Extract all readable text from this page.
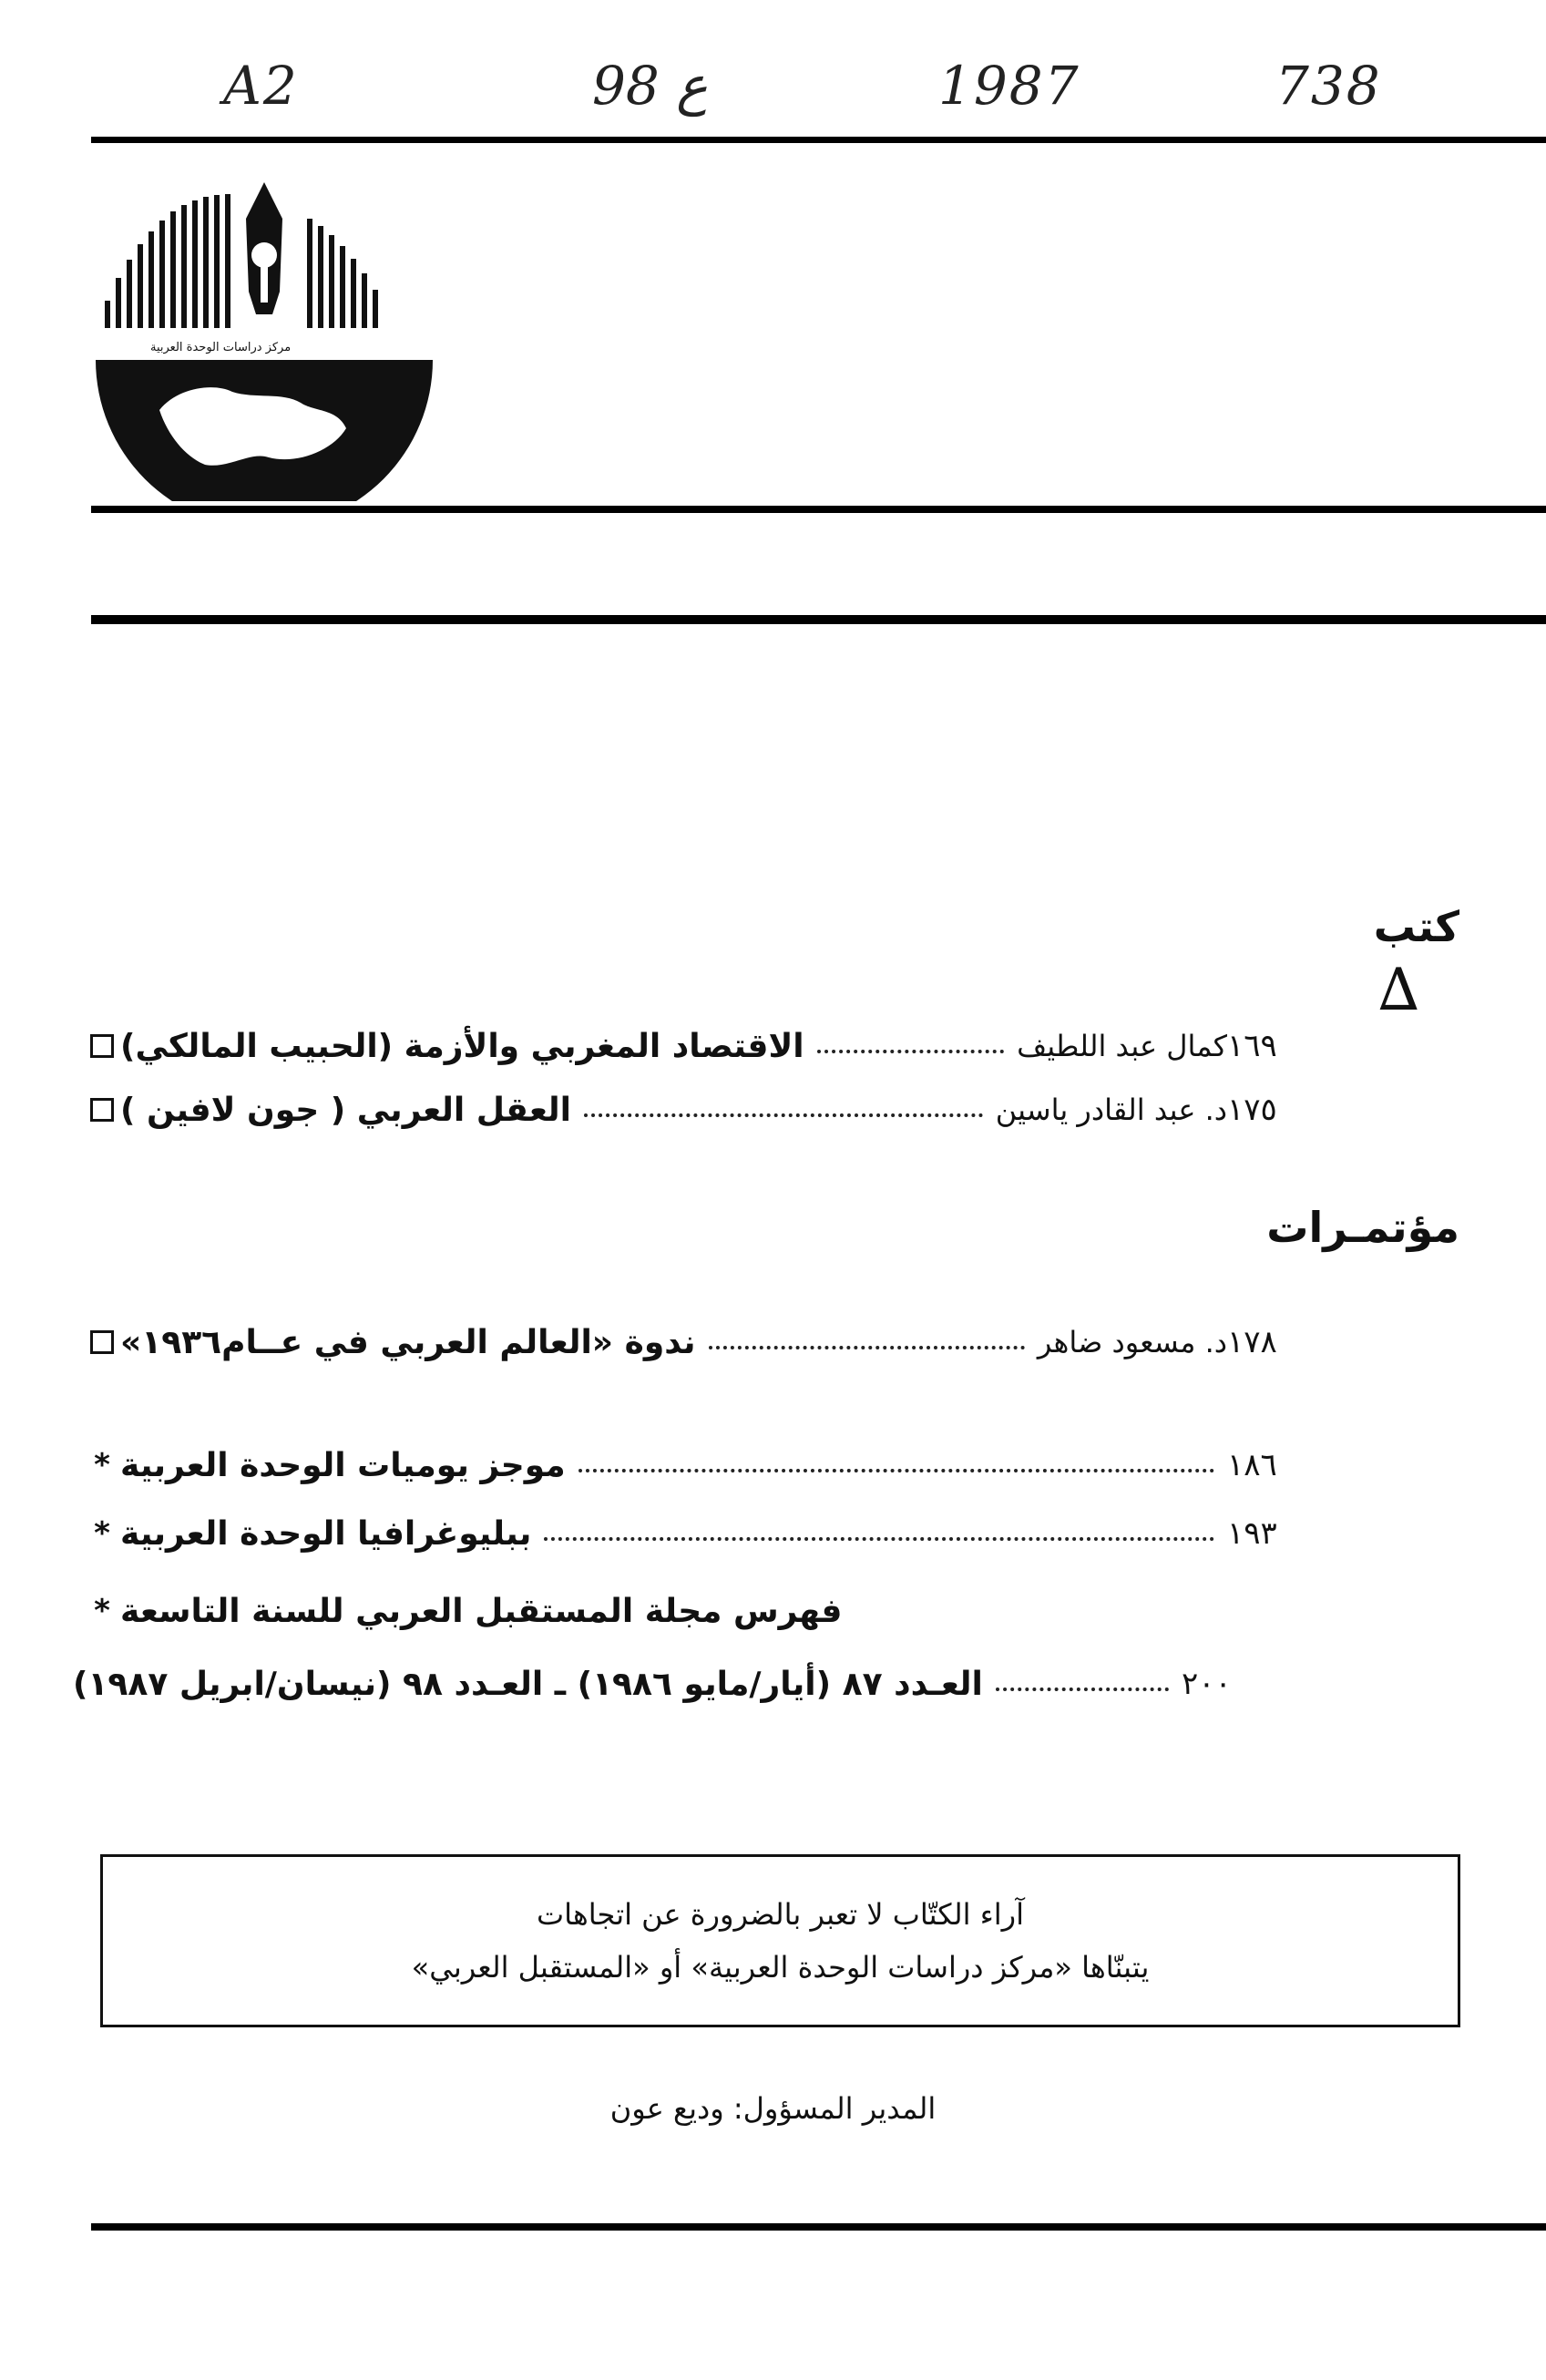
A2	98 ع	1987	738
مركز دراسات الوحدة العربية
كتب
∆
الاقتصاد المغربي والأزمة (الحبيب المالكي)	كمال عبد اللطيف ١٦٩
العقل العربي ( جون لافين )	د. عبد القادر ياسين ١٧٥
مؤتمـرات
ندوة «العالم العربي في عــام١٩٣٦»	د. مسعود ضاهر ١٧٨
* موجز يوميات الوحدة العربية	١٨٦
* ببليوغرافيا الوحدة العربية	١٩٣
* فهرس مجلة المستقبل العربي للسنة التاسعة
العـدد ٨٧ (أيار/مايو ١٩٨٦) ـ العـدد ٩٨ (نيسان/ابريل ١٩٨٧)	٢٠٠
آراء الكتّاب لا تعبر بالضرورة عن اتجاهات
يتبنّاها «مركز دراسات الوحدة العربية» أو «المستقبل العربي»
المدير المسؤول: وديع عون
